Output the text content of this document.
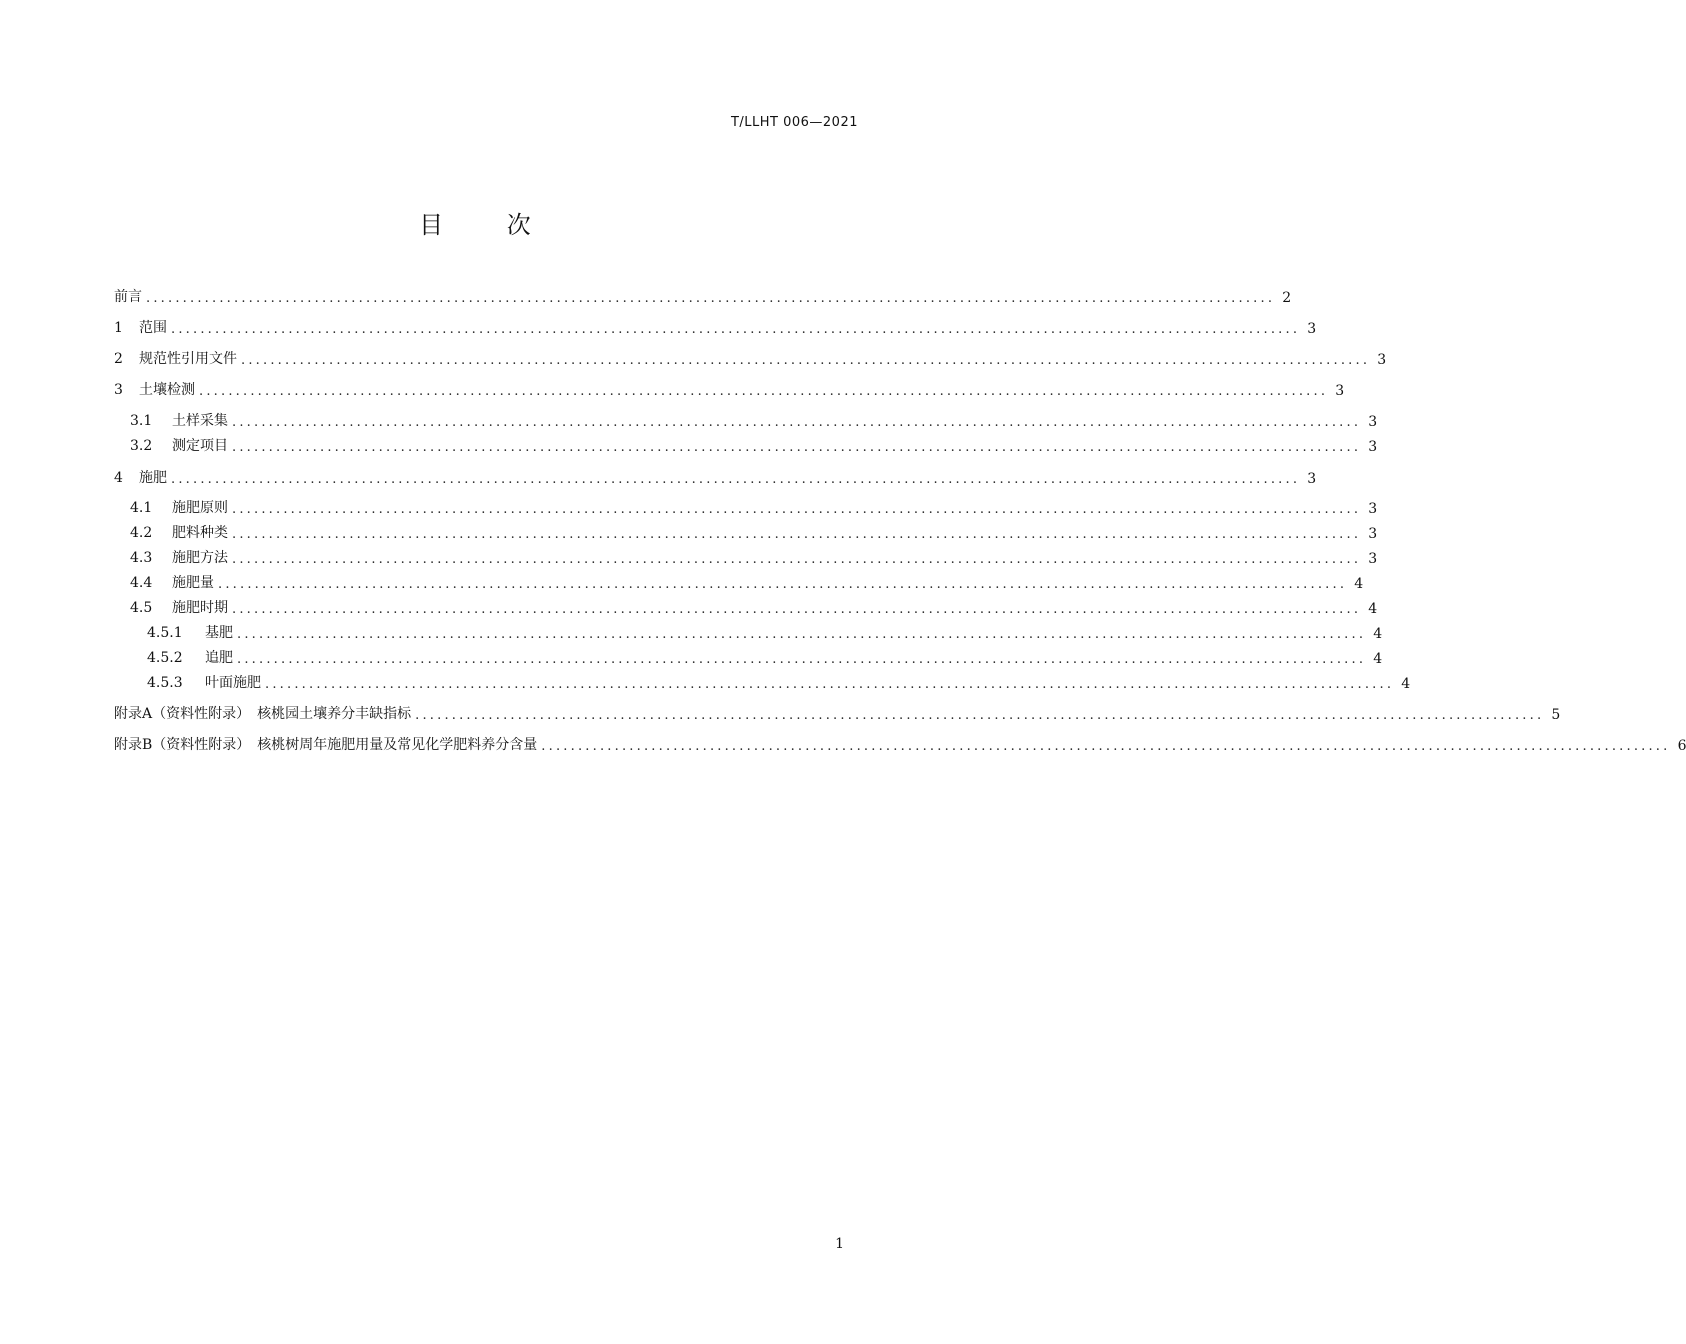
T/LLHT 006—2021
目 次
前言 .......................................................................................................................................................... 2
1 范围 .......................................................................................................................................................... 3
2 规范性引用文件 .......................................................................................................................................................... 3
3 土壤检测 .......................................................................................................................................................... 3
3.1 土样采集 .......................................................................................................................................................... 3
3.2 测定项目 .......................................................................................................................................................... 3
4 施肥 .......................................................................................................................................................... 3
4.1 施肥原则 .......................................................................................................................................................... 3
4.2 肥料种类 .......................................................................................................................................................... 3
4.3 施肥方法 .......................................................................................................................................................... 3
4.4 施肥量 .......................................................................................................................................................... 4
4.5 施肥时期 .......................................................................................................................................................... 4
4.5.1 基肥 .......................................................................................................................................................... 4
4.5.2 追肥 .......................................................................................................................................................... 4
4.5.3 叶面施肥 .......................................................................................................................................................... 4
附录A（资料性附录）　核桃园土壤养分丰缺指标 .......................................................................................................................................................... 5
附录B（资料性附录）　核桃树周年施肥用量及常见化学肥料养分含量 .......................................................................................................................................................... 6
1
